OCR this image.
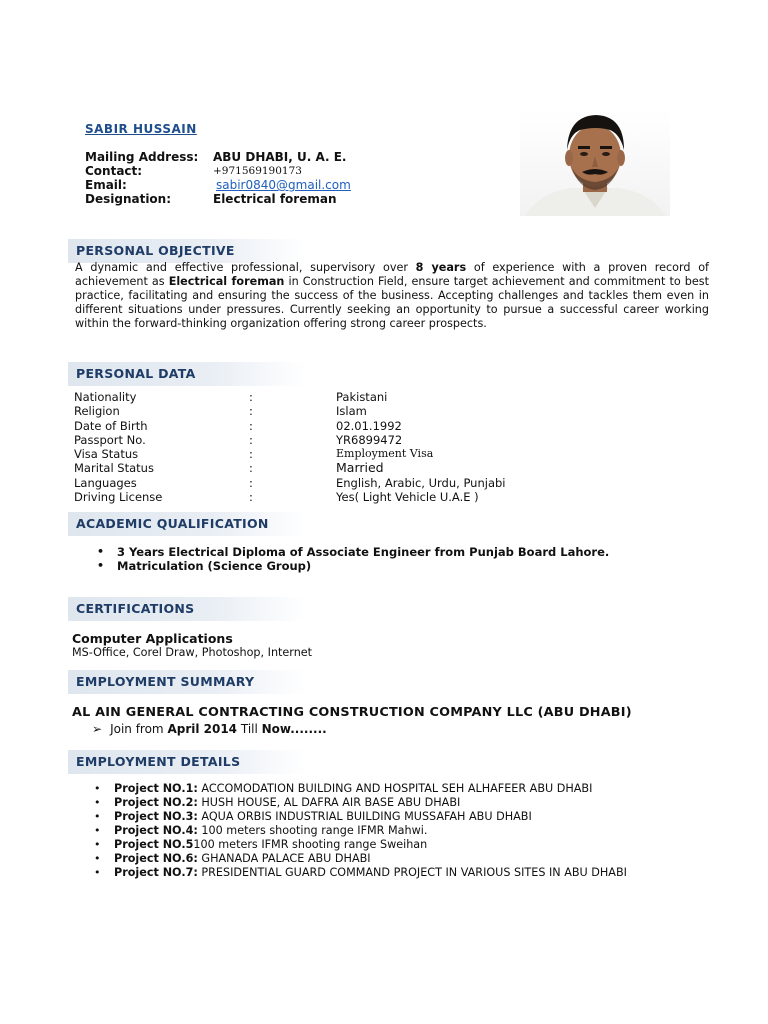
SABIR HUSSAIN
Mailing Address:	ABU DHABI, U. A. E.
Contact:	+971569190173
Email:	sabir0840@gmail.com
Designation:	Electrical foreman
PERSONAL OBJECTIVE
A dynamic and effective professional, supervisory over 8 years of experience with a proven record of achievement as Electrical foreman in Construction Field, ensure target achievement and commitment to best practice, facilitating and ensuring the success of the business. Accepting challenges and tackles them even in different situations under pressures. Currently seeking an opportunity to pursue a successful career working within the forward-thinking organization offering strong career prospects.
PERSONAL DATA
Nationality	:	Pakistani
Religion	:	Islam
Date of Birth	:	02.01.1992
Passport No.	:	YR6899472
Visa Status	:	Employment Visa
Marital Status	:	Married
Languages	:	English, Arabic, Urdu, Punjabi
Driving License	:	Yes( Light Vehicle U.A.E )
ACADEMIC QUALIFICATION
• 3 Years Electrical Diploma of Associate Engineer from Punjab Board Lahore.
• Matriculation (Science Group)
CERTIFICATIONS
Computer Applications
MS-Office, Corel Draw, Photoshop, Internet
EMPLOYMENT SUMMARY
AL AIN GENERAL CONTRACTING CONSTRUCTION COMPANY LLC (ABU DHABI)
➢ Join from April 2014 Till Now........
EMPLOYMENT DETAILS
• Project NO.1: ACCOMODATION BUILDING AND HOSPITAL SEH ALHAFEER ABU DHABI
• Project NO.2: HUSH HOUSE, AL DAFRA AIR BASE ABU DHABI
• Project NO.3: AQUA ORBIS INDUSTRIAL BUILDING MUSSAFAH ABU DHABI
• Project NO.4: 100 meters shooting range IFMR Mahwi.
• Project NO.5100 meters IFMR shooting range Sweihan
• Project NO.6: GHANADA PALACE ABU DHABI
• Project NO.7: PRESIDENTIAL GUARD COMMAND PROJECT IN VARIOUS SITES IN ABU DHABI
